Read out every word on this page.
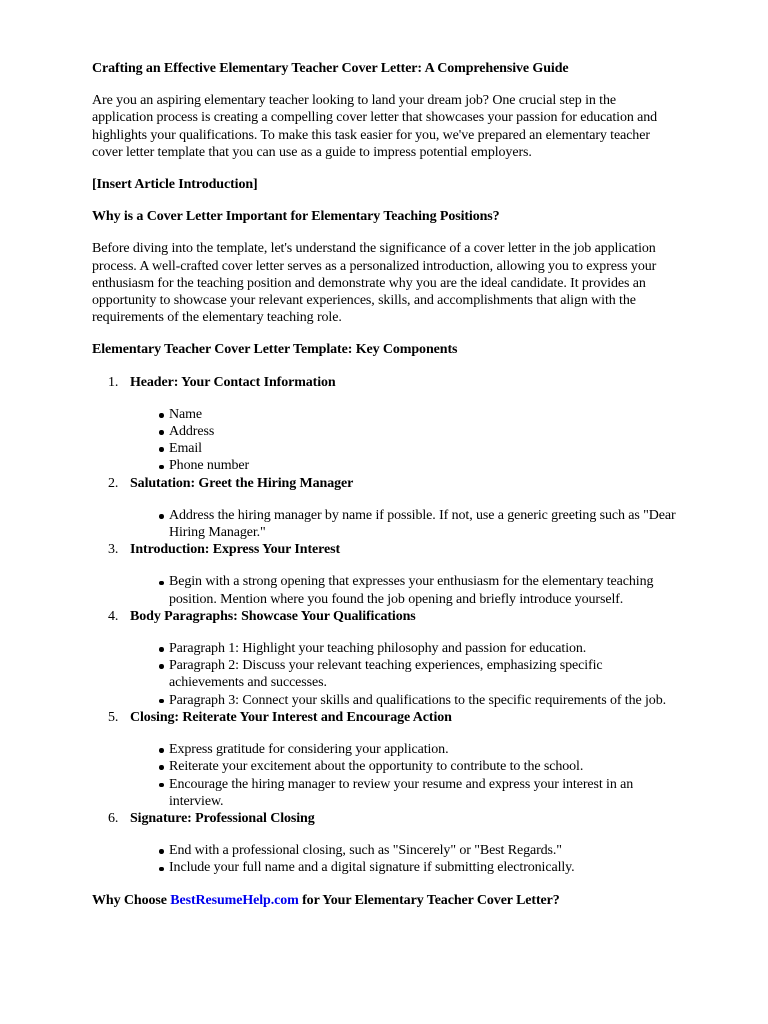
Crafting an Effective Elementary Teacher Cover Letter: A Comprehensive Guide

Are you an aspiring elementary teacher looking to land your dream job? One crucial step in the application process is creating a compelling cover letter that showcases your passion for education and highlights your qualifications. To make this task easier for you, we've prepared an elementary teacher cover letter template that you can use as a guide to impress potential employers.

[Insert Article Introduction]

Why is a Cover Letter Important for Elementary Teaching Positions?

Before diving into the template, let's understand the significance of a cover letter in the job application process. A well-crafted cover letter serves as a personalized introduction, allowing you to express your enthusiasm for the teaching position and demonstrate why you are the ideal candidate. It provides an opportunity to showcase your relevant experiences, skills, and accomplishments that align with the requirements of the elementary teaching role.

Elementary Teacher Cover Letter Template: Key Components
1. Header: Your Contact Information
Name
Address
Email
Phone number
2. Salutation: Greet the Hiring Manager
Address the hiring manager by name if possible. If not, use a generic greeting such as "Dear Hiring Manager."
3. Introduction: Express Your Interest
Begin with a strong opening that expresses your enthusiasm for the elementary teaching position. Mention where you found the job opening and briefly introduce yourself.
4. Body Paragraphs: Showcase Your Qualifications
Paragraph 1: Highlight your teaching philosophy and passion for education.
Paragraph 2: Discuss your relevant teaching experiences, emphasizing specific achievements and successes.
Paragraph 3: Connect your skills and qualifications to the specific requirements of the job.
5. Closing: Reiterate Your Interest and Encourage Action
Express gratitude for considering your application.
Reiterate your excitement about the opportunity to contribute to the school.
Encourage the hiring manager to review your resume and express your interest in an interview.
6. Signature: Professional Closing
End with a professional closing, such as "Sincerely" or "Best Regards."
Include your full name and a digital signature if submitting electronically.
Why Choose BestResumeHelp.com for Your Elementary Teacher Cover Letter?
